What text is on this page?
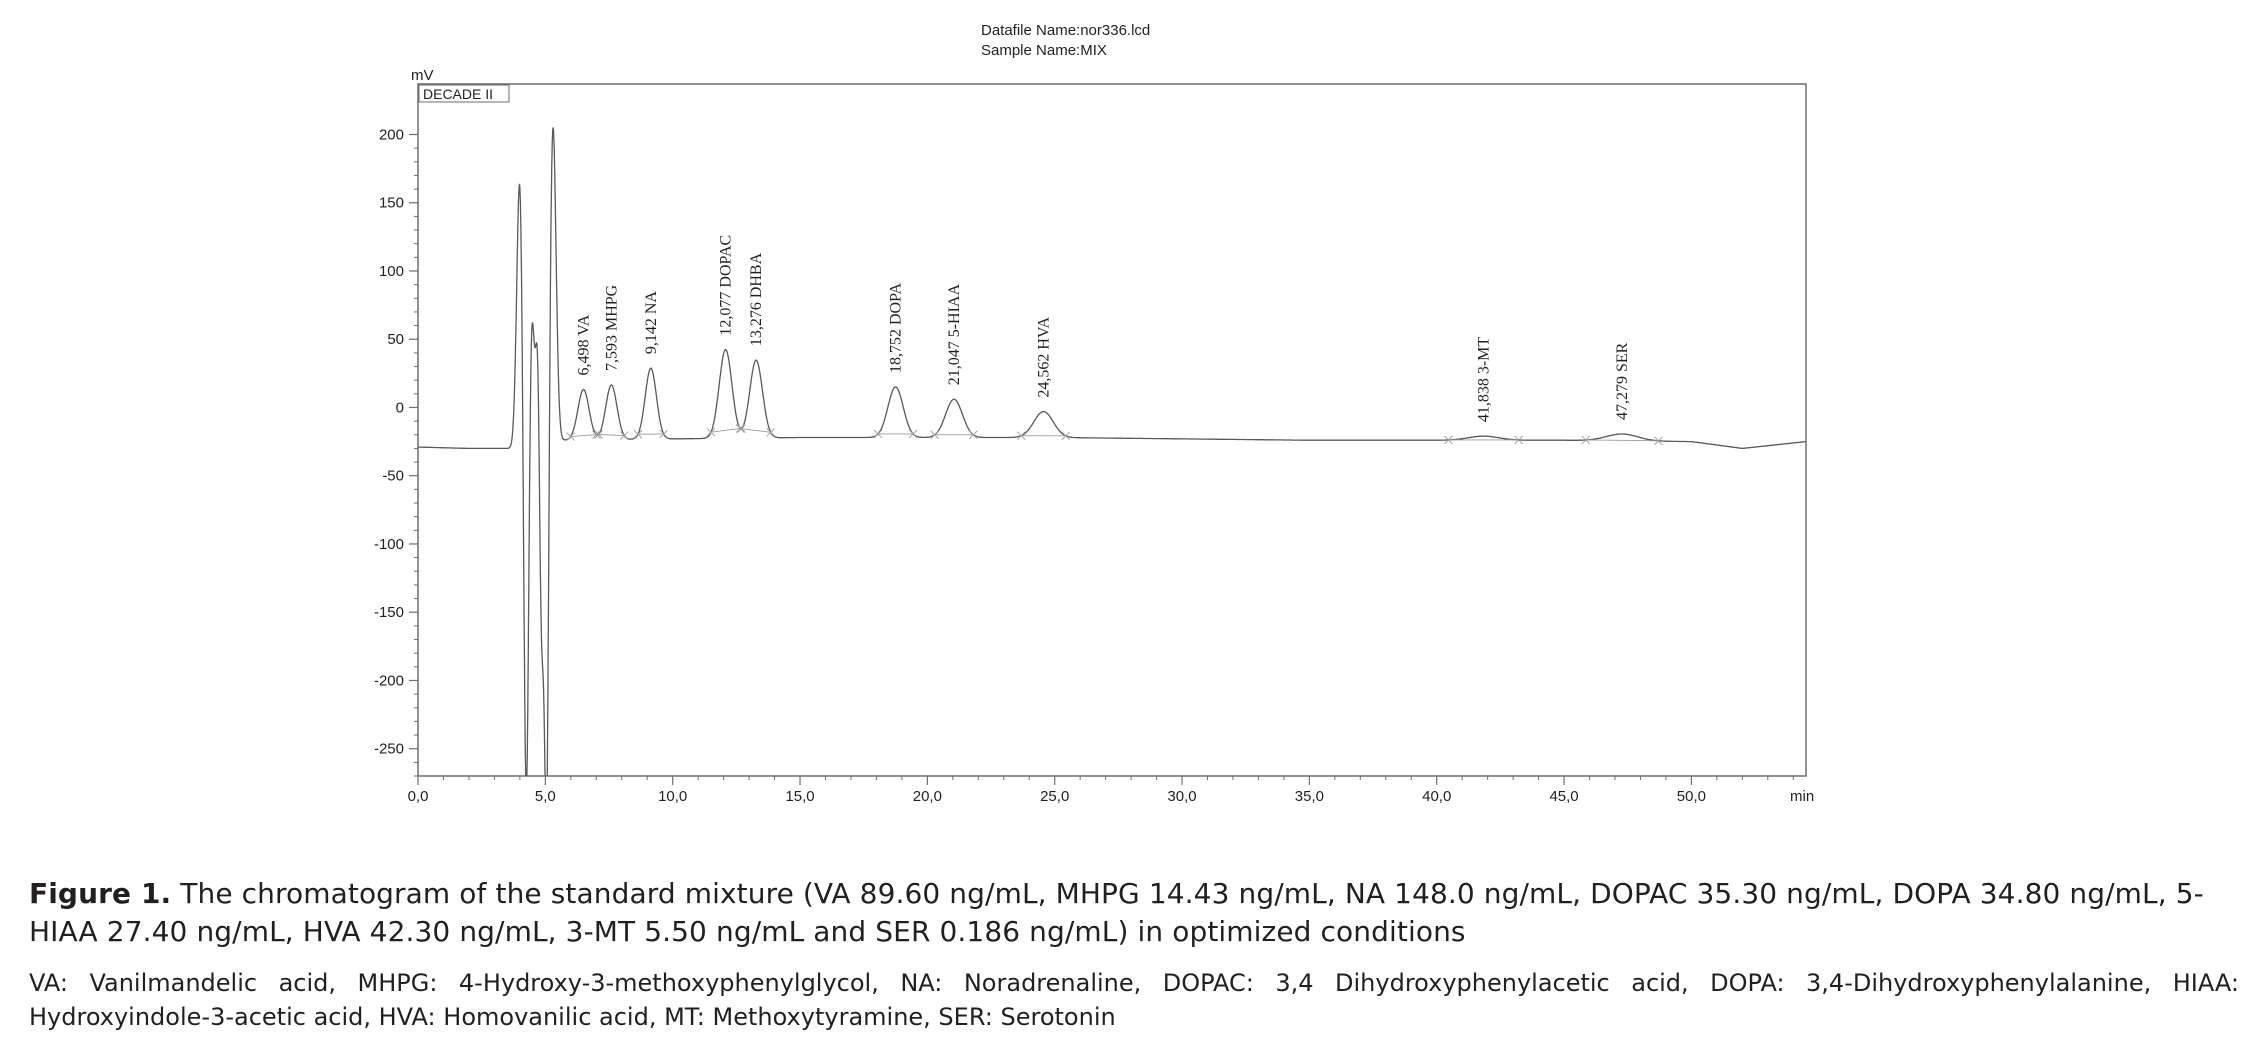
Datafile Name:nor336.lcd
Sample Name:MIX
mV
DECADE II
200
150
100
50
0
-50
-100
-150
-200
-250
0,0	5,0	10,0	15,0	20,0	25,0	30,0	35,0	40,0	45,0	50,0
6,498 VA 7,593 MHPG 9,142 NA	12,077 DOPAC 13,276 DHBA	18,752 DOPA	21,047 5-HIAA	24,562 HVA	41,838 3-MT	47,279 SER
min
Figure 1. The chromatogram of the standard mixture (VA 89.60 ng/mL, MHPG 14.43 ng/mL, NA 148.0 ng/mL, DOPAC 35.30 ng/mL, DOPA 34.80 ng/mL, 5-HIAA 27.40 ng/mL, HVA 42.30 ng/mL, 3-MT 5.50 ng/mL and SER 0.186 ng/mL) in optimized conditions
VA: Vanilmandelic acid, MHPG: 4-Hydroxy-3-methoxyphenylglycol, NA: Noradrenaline, DOPAC: 3,4 Dihydroxyphenylacetic acid, DOPA: 3,4-Dihydroxyphenylalanine, HIAA: Hydroxyindole-3-acetic acid, HVA: Homovanilic acid, MT: Methoxytyramine, SER: Serotonin
